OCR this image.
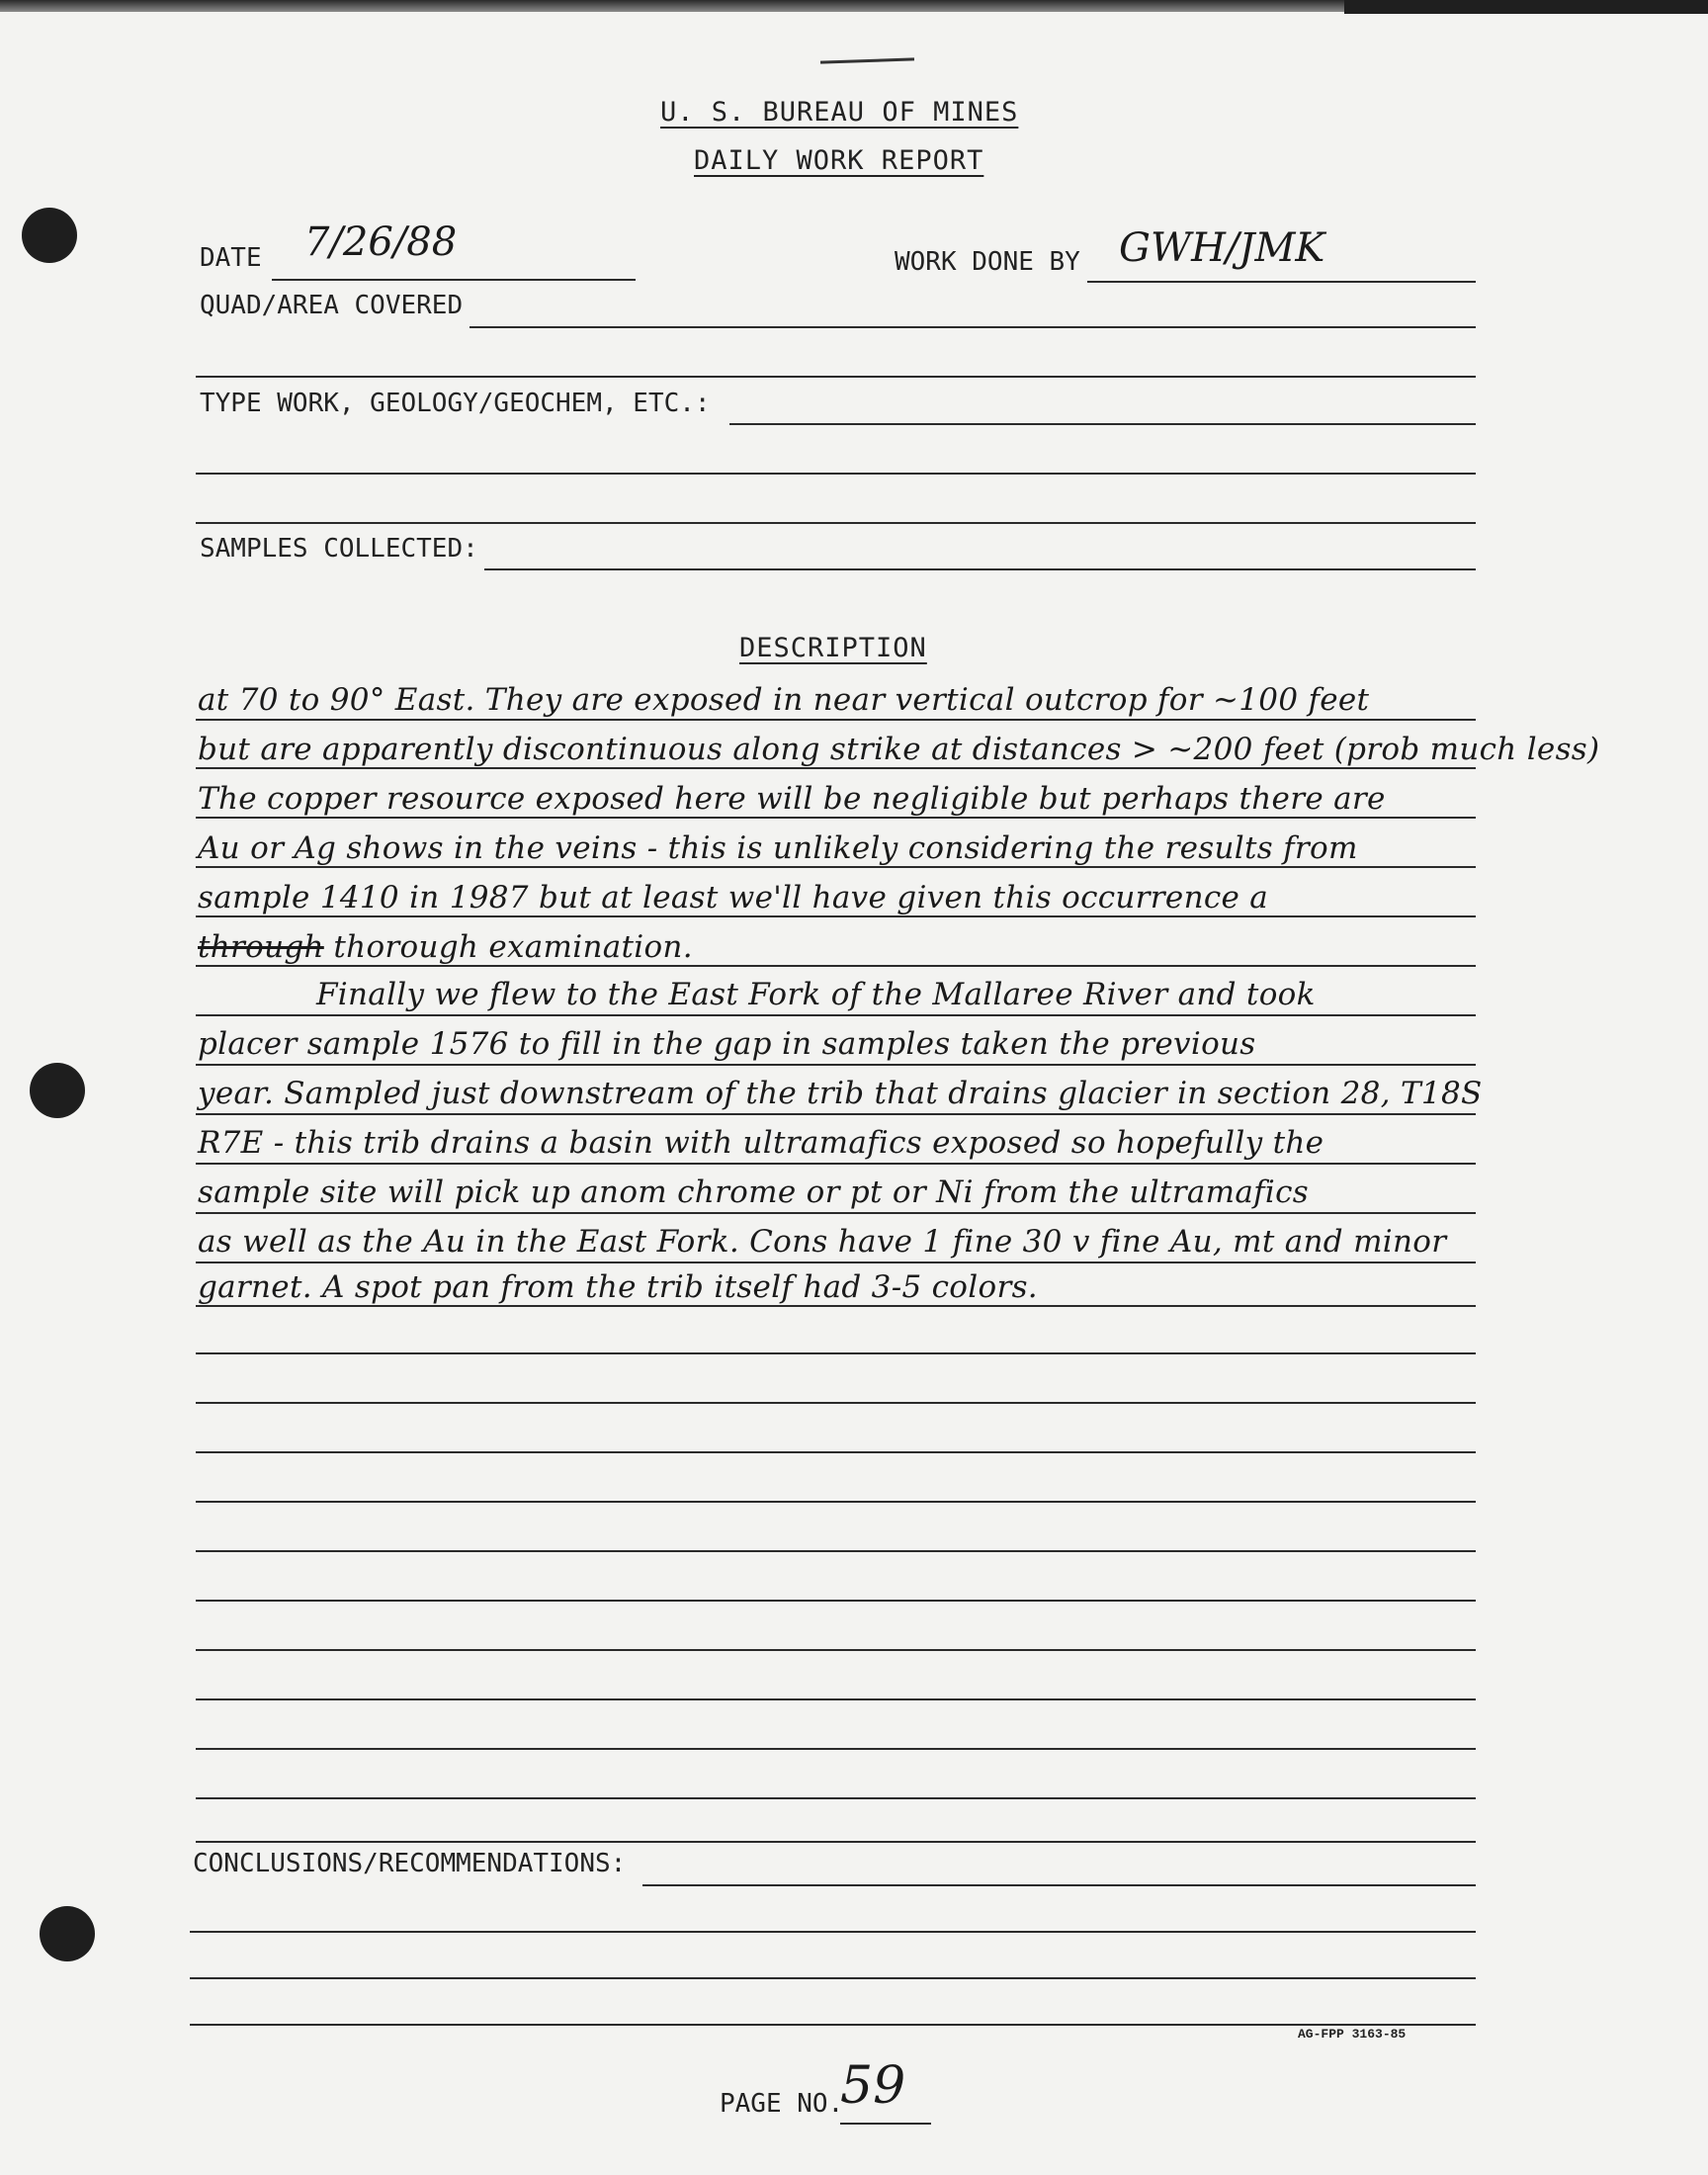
U. S. BUREAU OF MINES
DAILY WORK REPORT
DATE 7/26/88	WORK DONE BY GWH/JMK
QUAD/AREA COVERED
TYPE WORK, GEOLOGY/GEOCHEM, ETC.:
SAMPLES COLLECTED:
DESCRIPTION
at 70 to 90° East. They are exposed in near vertical outcrop for ~100 feet
but are apparently discontinuous along strike at distances > ~200 feet (prob much less)
The copper resource exposed here will be negligible but perhaps there are
Au or Ag shows in the veins - this is unlikely considering the results from
sample 1410 in 1987 but at least we'll have given this occurrence a
through thorough examination.
Finally we flew to the East Fork of the Mallaree River and took
placer sample 1576 to fill in the gap in samples taken the previous
year. Sampled just downstream of the trib that drains glacier in section 28, T18S
R7E - this trib drains a basin with ultramafics exposed so hopefully the
sample site will pick up anom chrome or pt or Ni from the ultramafics
as well as the Au in the East Fork. Cons have 1 fine 30 v fine Au, mt and minor
garnet. A spot pan from the trib itself had 3-5 colors.
CONCLUSIONS/RECOMMENDATIONS:
AG-FPP 3163-85
PAGE NO.
59
